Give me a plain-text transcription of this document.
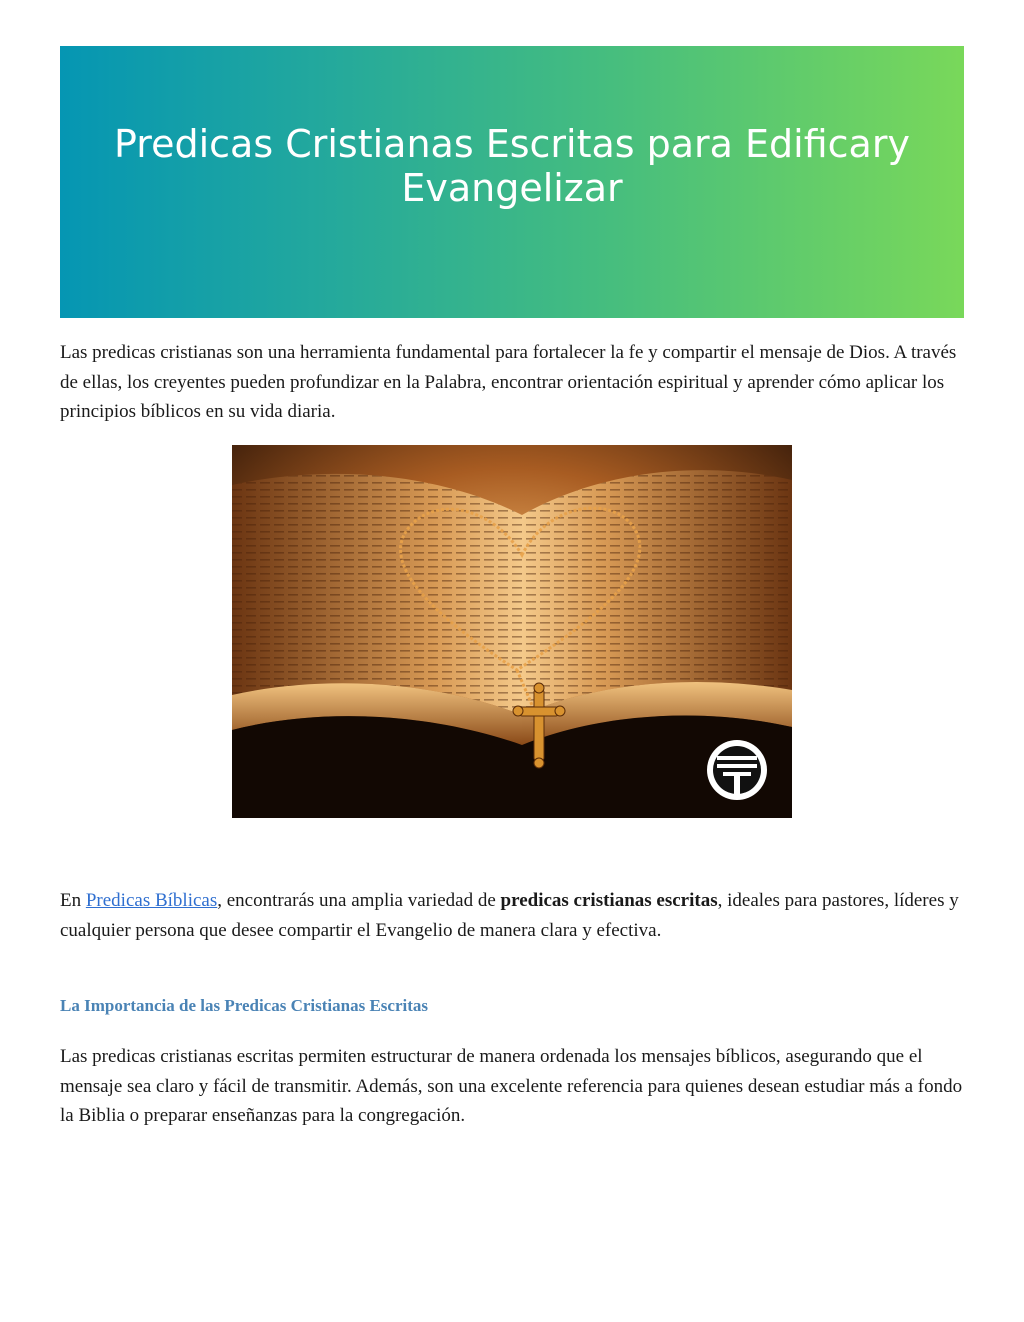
Predicas Cristianas Escritas para Edificary Evangelizar

Las predicas cristianas son una herramienta fundamental para fortalecer la fe y compartir el mensaje de Dios. A través de ellas, los creyentes pueden profundizar en la Palabra, encontrar orientación espiritual y aprender cómo aplicar los principios bíblicos en su vida diaria.

En Predicas Bíblicas, encontrarás una amplia variedad de predicas cristianas escritas, ideales para pastores, líderes y cualquier persona que desee compartir el Evangelio de manera clara y efectiva.

La Importancia de las Predicas Cristianas Escritas

Las predicas cristianas escritas permiten estructurar de manera ordenada los mensajes bíblicos, asegurando que el mensaje sea claro y fácil de transmitir. Además, son una excelente referencia para quienes desean estudiar más a fondo la Biblia o preparar enseñanzas para la congregación.
